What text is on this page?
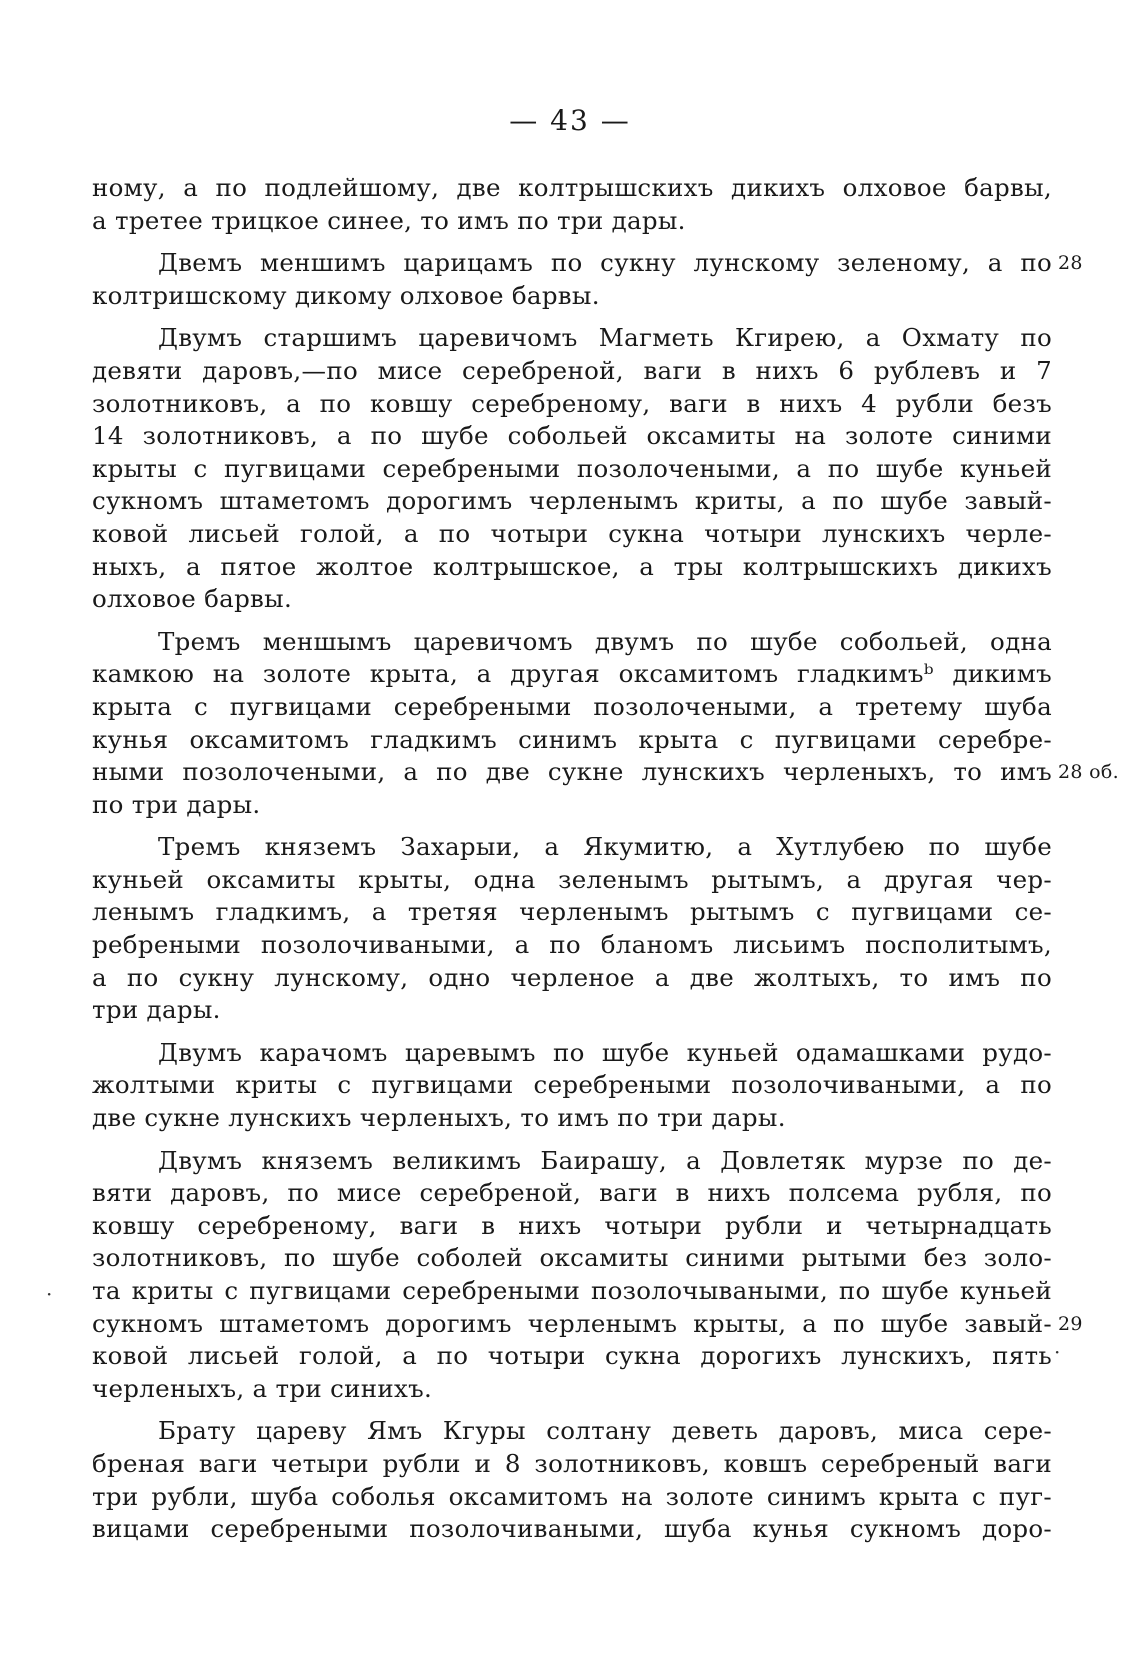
— 43 —
ному, а по подлейшому, две колтрышскихъ дикихъ олховое барвы,
а третее трицкое синее, то имъ по три дары.
Двемъ меншимъ царицамъ по сукну лунскому зеленому, а по 28
колтришскому дикому олховое барвы.
Двумъ старшимъ царевичомъ Магметь Кгирею, а Охмату по
девяти даровъ,—по мисе серебреной, ваги в нихъ 6 рублевъ и 7
золотниковъ, а по ковшу серебреному, ваги в нихъ 4 рубли безъ
14 золотниковъ, а по шубе собольей оксамиты на золоте синими
крыты с пугвицами серебреными позолочеными, а по шубе куньей
сукномъ штаметомъ дорогимъ черленымъ криты, а по шубе завый-
ковой лисьей голой, а по чотыри сукна чотыри лунскихъ черле-
ныхъ, а пятое жолтое колтрышское, а тры колтрышскихъ дикихъ
олховое барвы.
Тремъ меншымъ царевичомъ двумъ по шубе собольей, одна
камкою на золоте крыта, а другая оксамитомъ гладкимъᵇ дикимъ
крыта с пугвицами серебреными позолочеными, а третему шуба
кунья оксамитомъ гладкимъ синимъ крыта с пугвицами серебре-
ными позолочеными, а по две сукне лунскихъ черленыхъ, то имъ 28 об.
по три дары.
Тремъ княземъ Захарыи, а Якумитю, а Хутлубею по шубе
куньей оксамиты крыты, одна зеленымъ рытымъ, а другая чер-
ленымъ гладкимъ, а третяя черленымъ рытымъ с пугвицами се-
ребреными позолочиваными, а по бланомъ лисьимъ посполитымъ,
а по сукну лунскому, одно черленое а две жолтыхъ, то имъ по
три дары.
Двумъ карачомъ царевымъ по шубе куньей одамашками рудо-
жолтыми криты с пугвицами серебреными позолочиваными, а по
две сукне лунскихъ черленыхъ, то имъ по три дары.
Двумъ княземъ великимъ Баирашу, а Довлетяк мурзе по де-
вяти даровъ, по мисе серебреной, ваги в нихъ полсема рубля, по
ковшу серебреному, ваги в нихъ чотыри рубли и четырнадцать
золотниковъ, по шубе соболей оксамиты синими рытыми без золо-
та криты с пугвицами серебреными позолочываными, по шубе куньей
сукномъ штаметомъ дорогимъ черленымъ крыты, а по шубе завый- 29
ковой лисьей голой, а по чотыри сукна дорогихъ лунскихъ, пять
черленыхъ, а три синихъ.
Брату цареву Ямъ Кгуры солтану деветь даровъ, миса сере-
бреная ваги четыри рубли и 8 золотниковъ, ковшъ серебреный ваги
три рубли, шуба соболья оксамитомъ на золоте синимъ крыта с пуг-
вицами серебреными позолочиваными, шуба кунья сукномъ доро-
·
·
